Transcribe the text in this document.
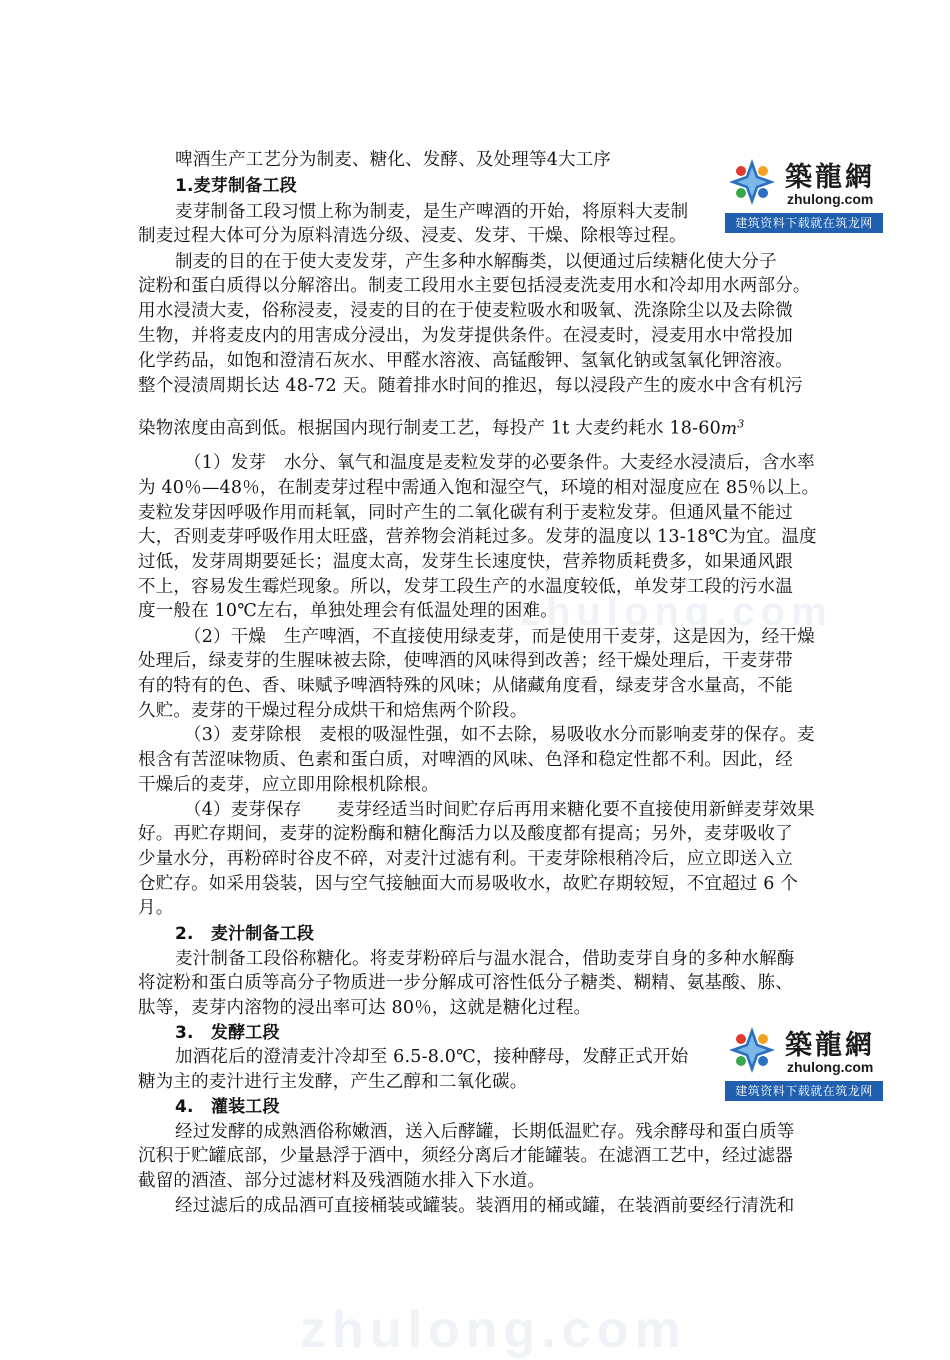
zhulong.com
zhulong.com
啤酒生产工艺分为制麦、糖化、发酵、及处理等4大工序
1.麦芽制备工段
麦芽制备工段习惯上称为制麦，是生产啤酒的开始，将原料大麦制
制麦过程大体可分为原料清选分级、浸麦、发芽、干燥、除根等过程。
制麦的目的在于使大麦发芽，产生多种水解酶类，以便通过后续糖化使大分子
淀粉和蛋白质得以分解溶出。制麦工段用水主要包括浸麦洗麦用水和冷却用水两部分。
用水浸渍大麦，俗称浸麦，浸麦的目的在于使麦粒吸水和吸氧、洗涤除尘以及去除微
生物，并将麦皮内的用害成分浸出，为发芽提供条件。在浸麦时，浸麦用水中常投加
化学药品，如饱和澄清石灰水、甲醛水溶液、高锰酸钾、氢氧化钠或氢氧化钾溶液。
整个浸渍周期长达 48-72 天。随着排水时间的推迟，每以浸段产生的废水中含有机污
染物浓度由高到低。根据国内现行制麦工艺，每投产 1t 大麦约耗水 $18-60m^3$
（1）发芽　水分、氧气和温度是麦粒发芽的必要条件。大麦经水浸渍后，含水率
为 40％—48％，在制麦芽过程中需通入饱和湿空气，环境的相对湿度应在 85％以上。
麦粒发芽因呼吸作用而耗氧，同时产生的二氧化碳有利于麦粒发芽。但通风量不能过
大，否则麦芽呼吸作用太旺盛，营养物会消耗过多。发芽的温度以 13-18℃为宜。温度
过低，发芽周期要延长；温度太高，发芽生长速度快，营养物质耗费多，如果通风跟
不上，容易发生霉烂现象。所以，发芽工段生产的水温度较低，单发芽工段的污水温
度一般在 10℃左右，单独处理会有低温处理的困难。
（2）干燥　生产啤酒，不直接使用绿麦芽，而是使用干麦芽，这是因为，经干燥
处理后，绿麦芽的生腥味被去除，使啤酒的风味得到改善；经干燥处理后，干麦芽带
有的特有的色、香、味赋予啤酒特殊的风味；从储藏角度看，绿麦芽含水量高，不能
久贮。麦芽的干燥过程分成烘干和焙焦两个阶段。
（3）麦芽除根　麦根的吸湿性强，如不去除，易吸收水分而影响麦芽的保存。麦
根含有苦涩味物质、色素和蛋白质，对啤酒的风味、色泽和稳定性都不利。因此，经
干燥后的麦芽，应立即用除根机除根。
（4）麦芽保存　　麦芽经适当时间贮存后再用来糖化要不直接使用新鲜麦芽效果
好。再贮存期间，麦芽的淀粉酶和糖化酶活力以及酸度都有提高；另外，麦芽吸收了
少量水分，再粉碎时谷皮不碎，对麦汁过滤有利。干麦芽除根稍冷后，应立即送入立
仓贮存。如采用袋装，因与空气接触面大而易吸收水，故贮存期较短，不宜超过 6 个
月。
2.　麦汁制备工段
麦汁制备工段俗称糖化。将麦芽粉碎后与温水混合，借助麦芽自身的多种水解酶
将淀粉和蛋白质等高分子物质进一步分解成可溶性低分子糖类、糊精、氨基酸、胨、
肽等，麦芽内溶物的浸出率可达 80％，这就是糖化过程。
3.　发酵工段
加酒花后的澄清麦汁冷却至 6.5-8.0℃，接种酵母，发酵正式开始
糖为主的麦汁进行主发酵，产生乙醇和二氧化碳。
4.　灌装工段
经过发酵的成熟酒俗称嫩酒，送入后酵罐，长期低温贮存。残余酵母和蛋白质等
沉积于贮罐底部，少量悬浮于酒中，须经分离后才能罐装。在滤酒工艺中，经过滤器
截留的酒渣、部分过滤材料及残酒随水排入下水道。
经过滤后的成品酒可直接桶装或罐装。装酒用的桶或罐，在装酒前要经行清洗和
築龍網
zhulong.com
建筑资料下载就在筑龙网
築龍網
zhulong.com
建筑资料下载就在筑龙网
